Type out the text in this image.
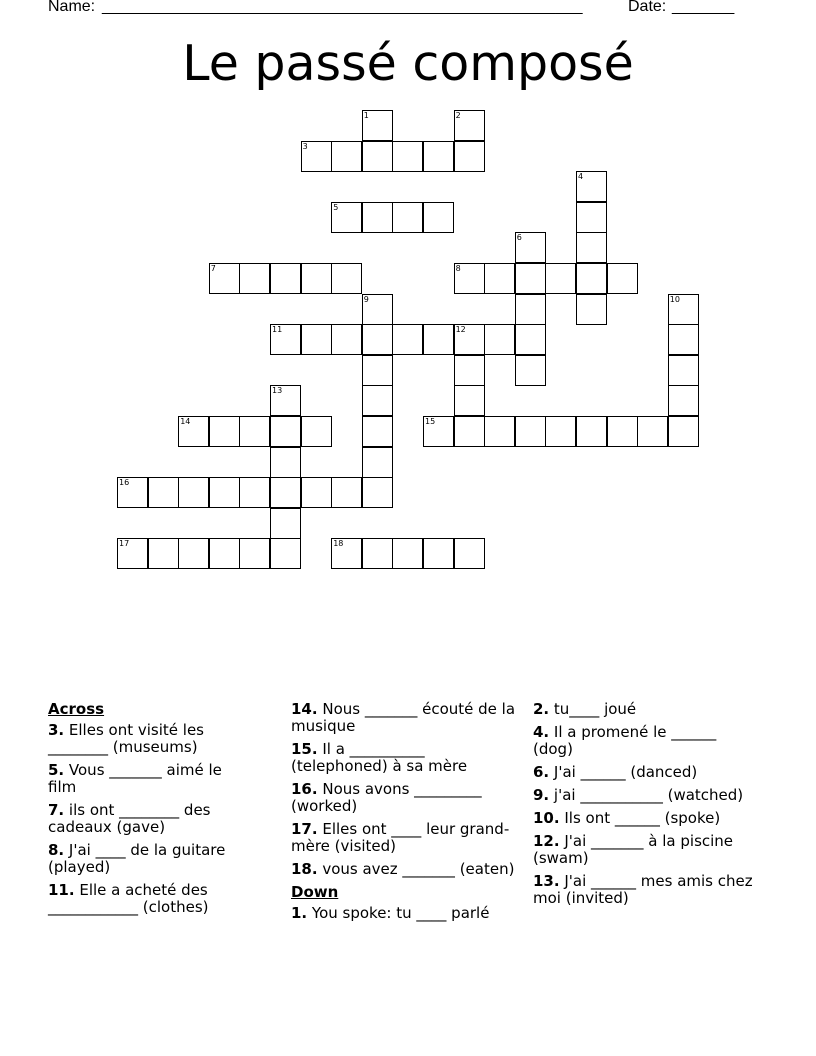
Name: ______________________________________________________	Date: _______
Le passé composé
1	2
3
4
5
6
7	8
9	10
11	12
13
14	15
16
17	18
Across
3. Elles ont visité les ________ (museums)
5. Vous _______ aimé le film
7. ils ont ________ des cadeaux (gave)
8. J'ai ____ de la guitare (played)
11. Elle a acheté des ____________ (clothes)
14. Nous _______ écouté de la musique
15. Il a __________ (telephoned) à sa mère
16. Nous avons _________ (worked)
17. Elles ont ____ leur grand-mère (visited)
18. vous avez _______ (eaten)
Down
1. You spoke: tu ____ parlé
2. tu____ joué
4. Il a promené le ______ (dog)
6. J'ai ______ (danced)
9. j'ai ___________ (watched)
10. Ils ont ______ (spoke)
12. J'ai _______ à la piscine (swam)
13. J'ai ______ mes amis chez moi (invited)
